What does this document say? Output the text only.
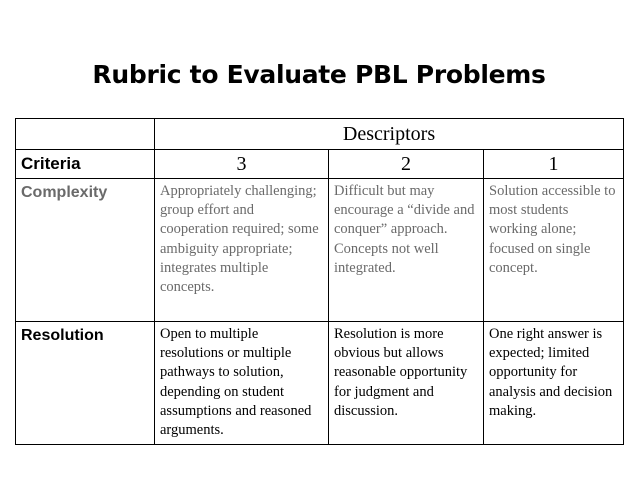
Rubric to Evaluate PBL Problems
	Descriptors		
Criteria	3	2	1
Complexity	Appropriately challenging; group effort and cooperation required; some ambiguity appropriate; integrates multiple concepts.	Difficult but may encourage a “divide and conquer” approach. Concepts not well integrated.	Solution accessible to most students working alone; focused on single concept.
Resolution	Open to multiple resolutions or multiple pathways to solution, depending on student assumptions and reasoned arguments.	Resolution is more obvious but allows reasonable opportunity for judgment and discussion.	One right answer is expected; limited opportunity for analysis and decision making.
